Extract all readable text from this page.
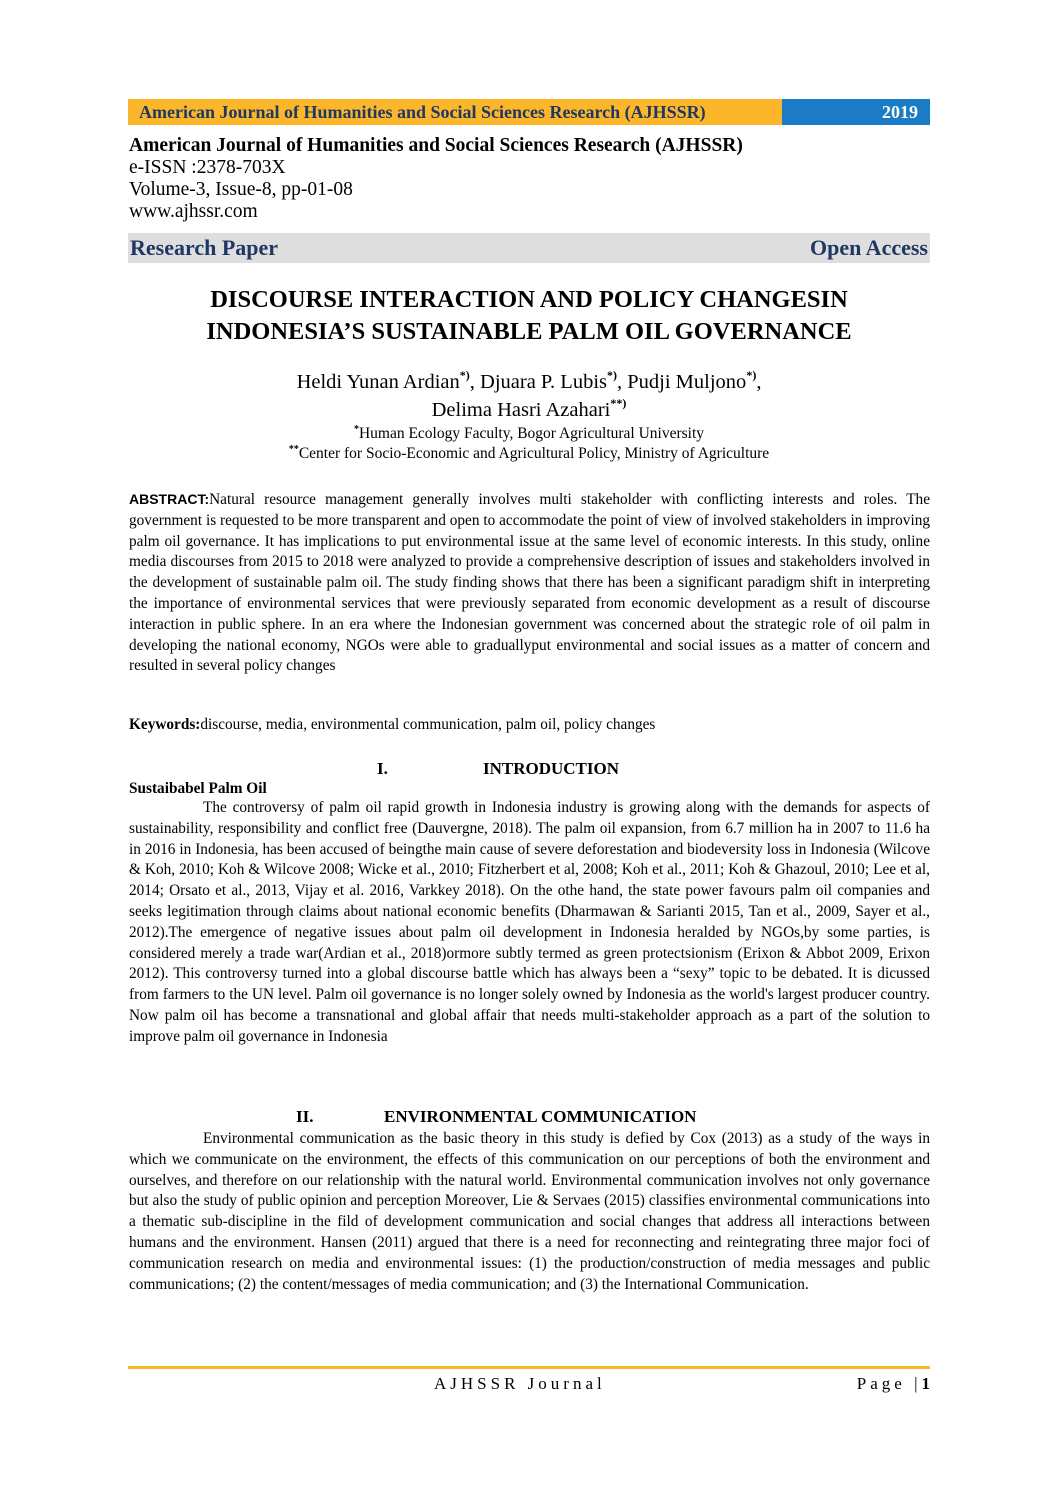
American Journal of Humanities and Social Sciences Research (AJHSSR)	2019
American Journal of Humanities and Social Sciences Research (AJHSSR)
e-ISSN :2378-703X
Volume-3, Issue-8, pp-01-08
www.ajhssr.com
Research Paper	Open Access
DISCOURSE INTERACTION AND POLICY CHANGESIN
INDONESIA’S SUSTAINABLE PALM OIL GOVERNANCE
Heldi Yunan Ardian*), Djuara P. Lubis*), Pudji Muljono*),
Delima Hasri Azahari**)
*Human Ecology Faculty, Bogor Agricultural University
**Center for Socio-Economic and Agricultural Policy, Ministry of Agriculture
ABSTRACT:Natural resource management generally involves multi stakeholder with conflicting interests and roles. The government is requested to be more transparent and open to accommodate the point of view of involved stakeholders in improving palm oil governance. It has implications to put environmental issue at the same level of economic interests. In this study, online media discourses from 2015 to 2018 were analyzed to provide a comprehensive description of issues and stakeholders involved in the development of sustainable palm oil. The study finding shows that there has been a significant paradigm shift in interpreting the importance of environmental services that were previously separated from economic development as a result of discourse interaction in public sphere. In an era where the Indonesian government was concerned about the strategic role of oil palm in developing the national economy, NGOs were able to graduallyput environmental and social issues as a matter of concern and resulted in several policy changes
Keywords:discourse, media, environmental communication, palm oil, policy changes
I.	INTRODUCTION
Sustaibabel Palm Oil
The controversy of palm oil rapid growth in Indonesia industry is growing along with the demands for aspects of sustainability, responsibility and conflict free (Dauvergne, 2018). The palm oil expansion, from 6.7 million ha in 2007 to 11.6 ha in 2016 in Indonesia, has been accused of beingthe main cause of severe deforestation and biodeversity loss in Indonesia (Wilcove & Koh, 2010; Koh & Wilcove 2008; Wicke et al., 2010; Fitzherbert et al, 2008; Koh et al., 2011; Koh & Ghazoul, 2010; Lee et al, 2014; Orsato et al., 2013, Vijay et al. 2016, Varkkey 2018). On the othe hand, the state power favours palm oil companies and seeks legitimation through claims about national economic benefits (Dharmawan & Sarianti 2015, Tan et al., 2009, Sayer et al., 2012).The emergence of negative issues about palm oil development in Indonesia heralded by NGOs,by some parties, is considered merely a trade war(Ardian et al., 2018)ormore subtly termed as green protectsionism (Erixon & Abbot 2009, Erixon 2012). This controversy turned into a global discourse battle which has always been a “sexy” topic to be debated. It is dicussed from farmers to the UN level. Palm oil governance is no longer solely owned by Indonesia as the world's largest producer country. Now palm oil has become a transnational and global affair that needs multi-stakeholder approach as a part of the solution to improve palm oil governance in Indonesia
II.	ENVIRONMENTAL COMMUNICATION
Environmental communication as the basic theory in this study is defied by Cox (2013) as a study of the ways in which we communicate on the environment, the effects of this communication on our perceptions of both the environment and ourselves, and therefore on our relationship with the natural world. Environmental communication involves not only governance but also the study of public opinion and perception Moreover, Lie & Servaes (2015) classifies environmental communications into a thematic sub-discipline in the fild of development communication and social changes that address all interactions between humans and the environment. Hansen (2011) argued that there is a need for reconnecting and reintegrating three major foci of communication research on media and environmental issues: (1) the production/construction of media messages and public communications; (2) the content/messages of media communication; and (3) the International Communication.
AJHSSR Journal	Page |1
